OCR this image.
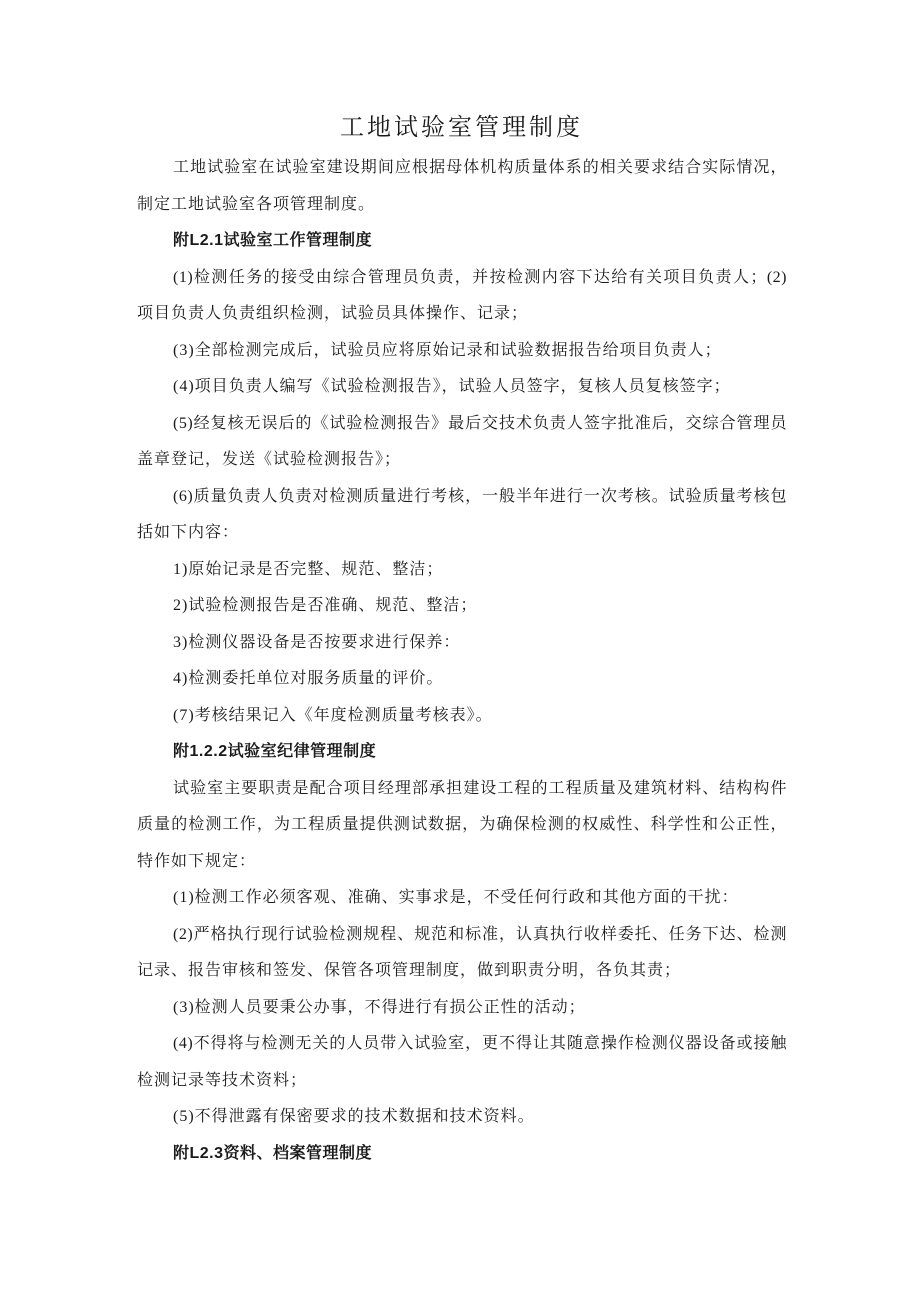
工地试验室管理制度
工地试验室在试验室建设期间应根据母体机构质量体系的相关要求结合实际情况，
制定工地试验室各项管理制度。
附L2.1试验室工作管理制度
(1)检测任务的接受由综合管理员负责，并按检测内容下达给有关项目负责人；(2)
项目负责人负责组织检测，试验员具体操作、记录；
(3)全部检测完成后，试验员应将原始记录和试验数据报告给项目负责人；
(4)项目负责人编写《试验检测报告》，试验人员签字，复核人员复核签字；
(5)经复核无误后的《试验检测报告》最后交技术负责人签字批准后，交综合管理员
盖章登记，发送《试验检测报告》；
(6)质量负责人负责对检测质量进行考核，一般半年进行一次考核。试验质量考核包
括如下内容：
1)原始记录是否完整、规范、整洁；
2)试验检测报告是否准确、规范、整洁；
3)检测仪器设备是否按要求进行保养：
4)检测委托单位对服务质量的评价。
(7)考核结果记入《年度检测质量考核表》。
附1.2.2试验室纪律管理制度
试验室主要职责是配合项目经理部承担建设工程的工程质量及建筑材料、结构构件
质量的检测工作，为工程质量提供测试数据，为确保检测的权威性、科学性和公正性，
特作如下规定：
(1)检测工作必须客观、准确、实事求是，不受任何行政和其他方面的干扰：
(2)严格执行现行试验检测规程、规范和标准，认真执行收样委托、任务下达、检测
记录、报告审核和签发、保管各项管理制度，做到职责分明，各负其责；
(3)检测人员要秉公办事，不得进行有损公正性的活动；
(4)不得将与检测无关的人员带入试验室，更不得让其随意操作检测仪器设备或接触
检测记录等技术资料；
(5)不得泄露有保密要求的技术数据和技术资料。
附L2.3资料、档案管理制度
